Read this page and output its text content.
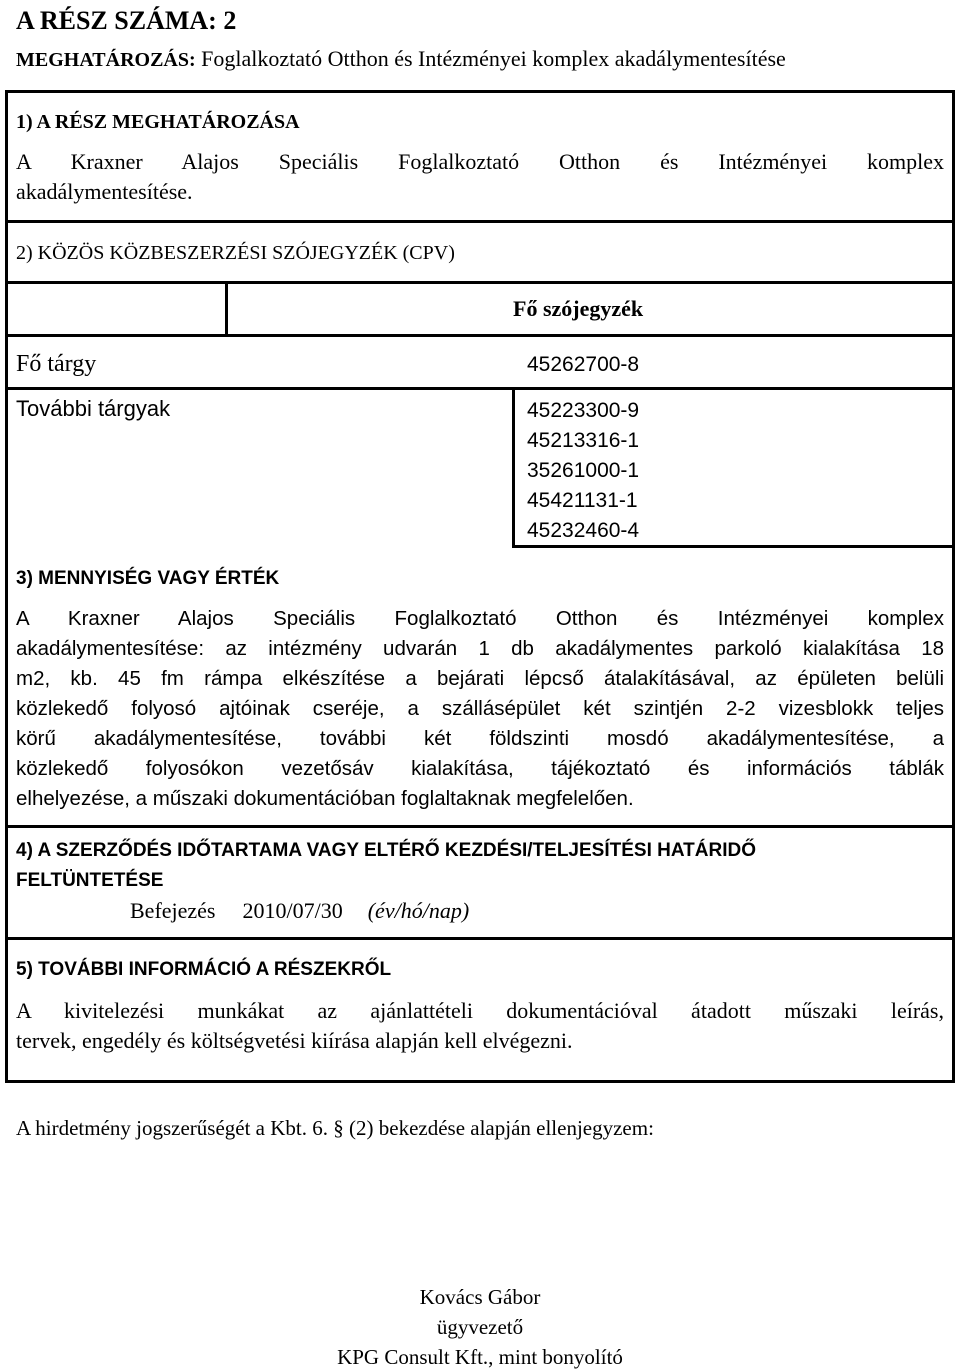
A RÉSZ SZÁMA: 2
MEGHATÁROZÁS: Foglalkoztató Otthon és Intézményei komplex akadálymentesítése
1) A RÉSZ MEGHATÁROZÁSA
A Kraxner Alajos Speciális Foglalkoztató Otthon és Intézményei komplex
akadálymentesítése.
2) KÖZÖS KÖZBESZERZÉSI SZÓJEGYZÉK (CPV)
Fő szójegyzék
Fő tárgy	45262700-8
További tárgyak	45223300-9
45213316-1
35261000-1
45421131-1
45232460-4
3) MENNYISÉG VAGY ÉRTÉK
A Kraxner Alajos Speciális Foglalkoztató Otthon és Intézményei komplex
akadálymentesítése: az intézmény udvarán 1 db akadálymentes parkoló kialakítása 18
m2, kb. 45 fm rámpa elkészítése a bejárati lépcső átalakításával, az épületen belüli
közlekedő folyosó ajtóinak cseréje, a szállásépület két szintjén 2-2 vizesblokk teljes
körű akadálymentesítése, további két földszinti mosdó akadálymentesítése, a
közlekedő folyosókon vezetősáv kialakítása, tájékoztató és információs táblák
elhelyezése, a műszaki dokumentációban foglaltaknak megfelelően.
4) A SZERZŐDÉS IDŐTARTAMA VAGY ELTÉRŐ KEZDÉSI/TELJESÍTÉSI HATÁRIDŐ
FELTÜNTETÉSE
Befejezés 2010/07/30 (év/hó/nap)
5) TOVÁBBI INFORMÁCIÓ A RÉSZEKRŐL
A kivitelezési munkákat az ajánlattételi dokumentációval átadott műszaki leírás,
tervek, engedély és költségvetési kiírása alapján kell elvégezni.
A hirdetmény jogszerűségét a Kbt. 6. § (2) bekezdése alapján ellenjegyzem:
Kovács Gábor
ügyvezető
KPG Consult Kft., mint bonyolító
